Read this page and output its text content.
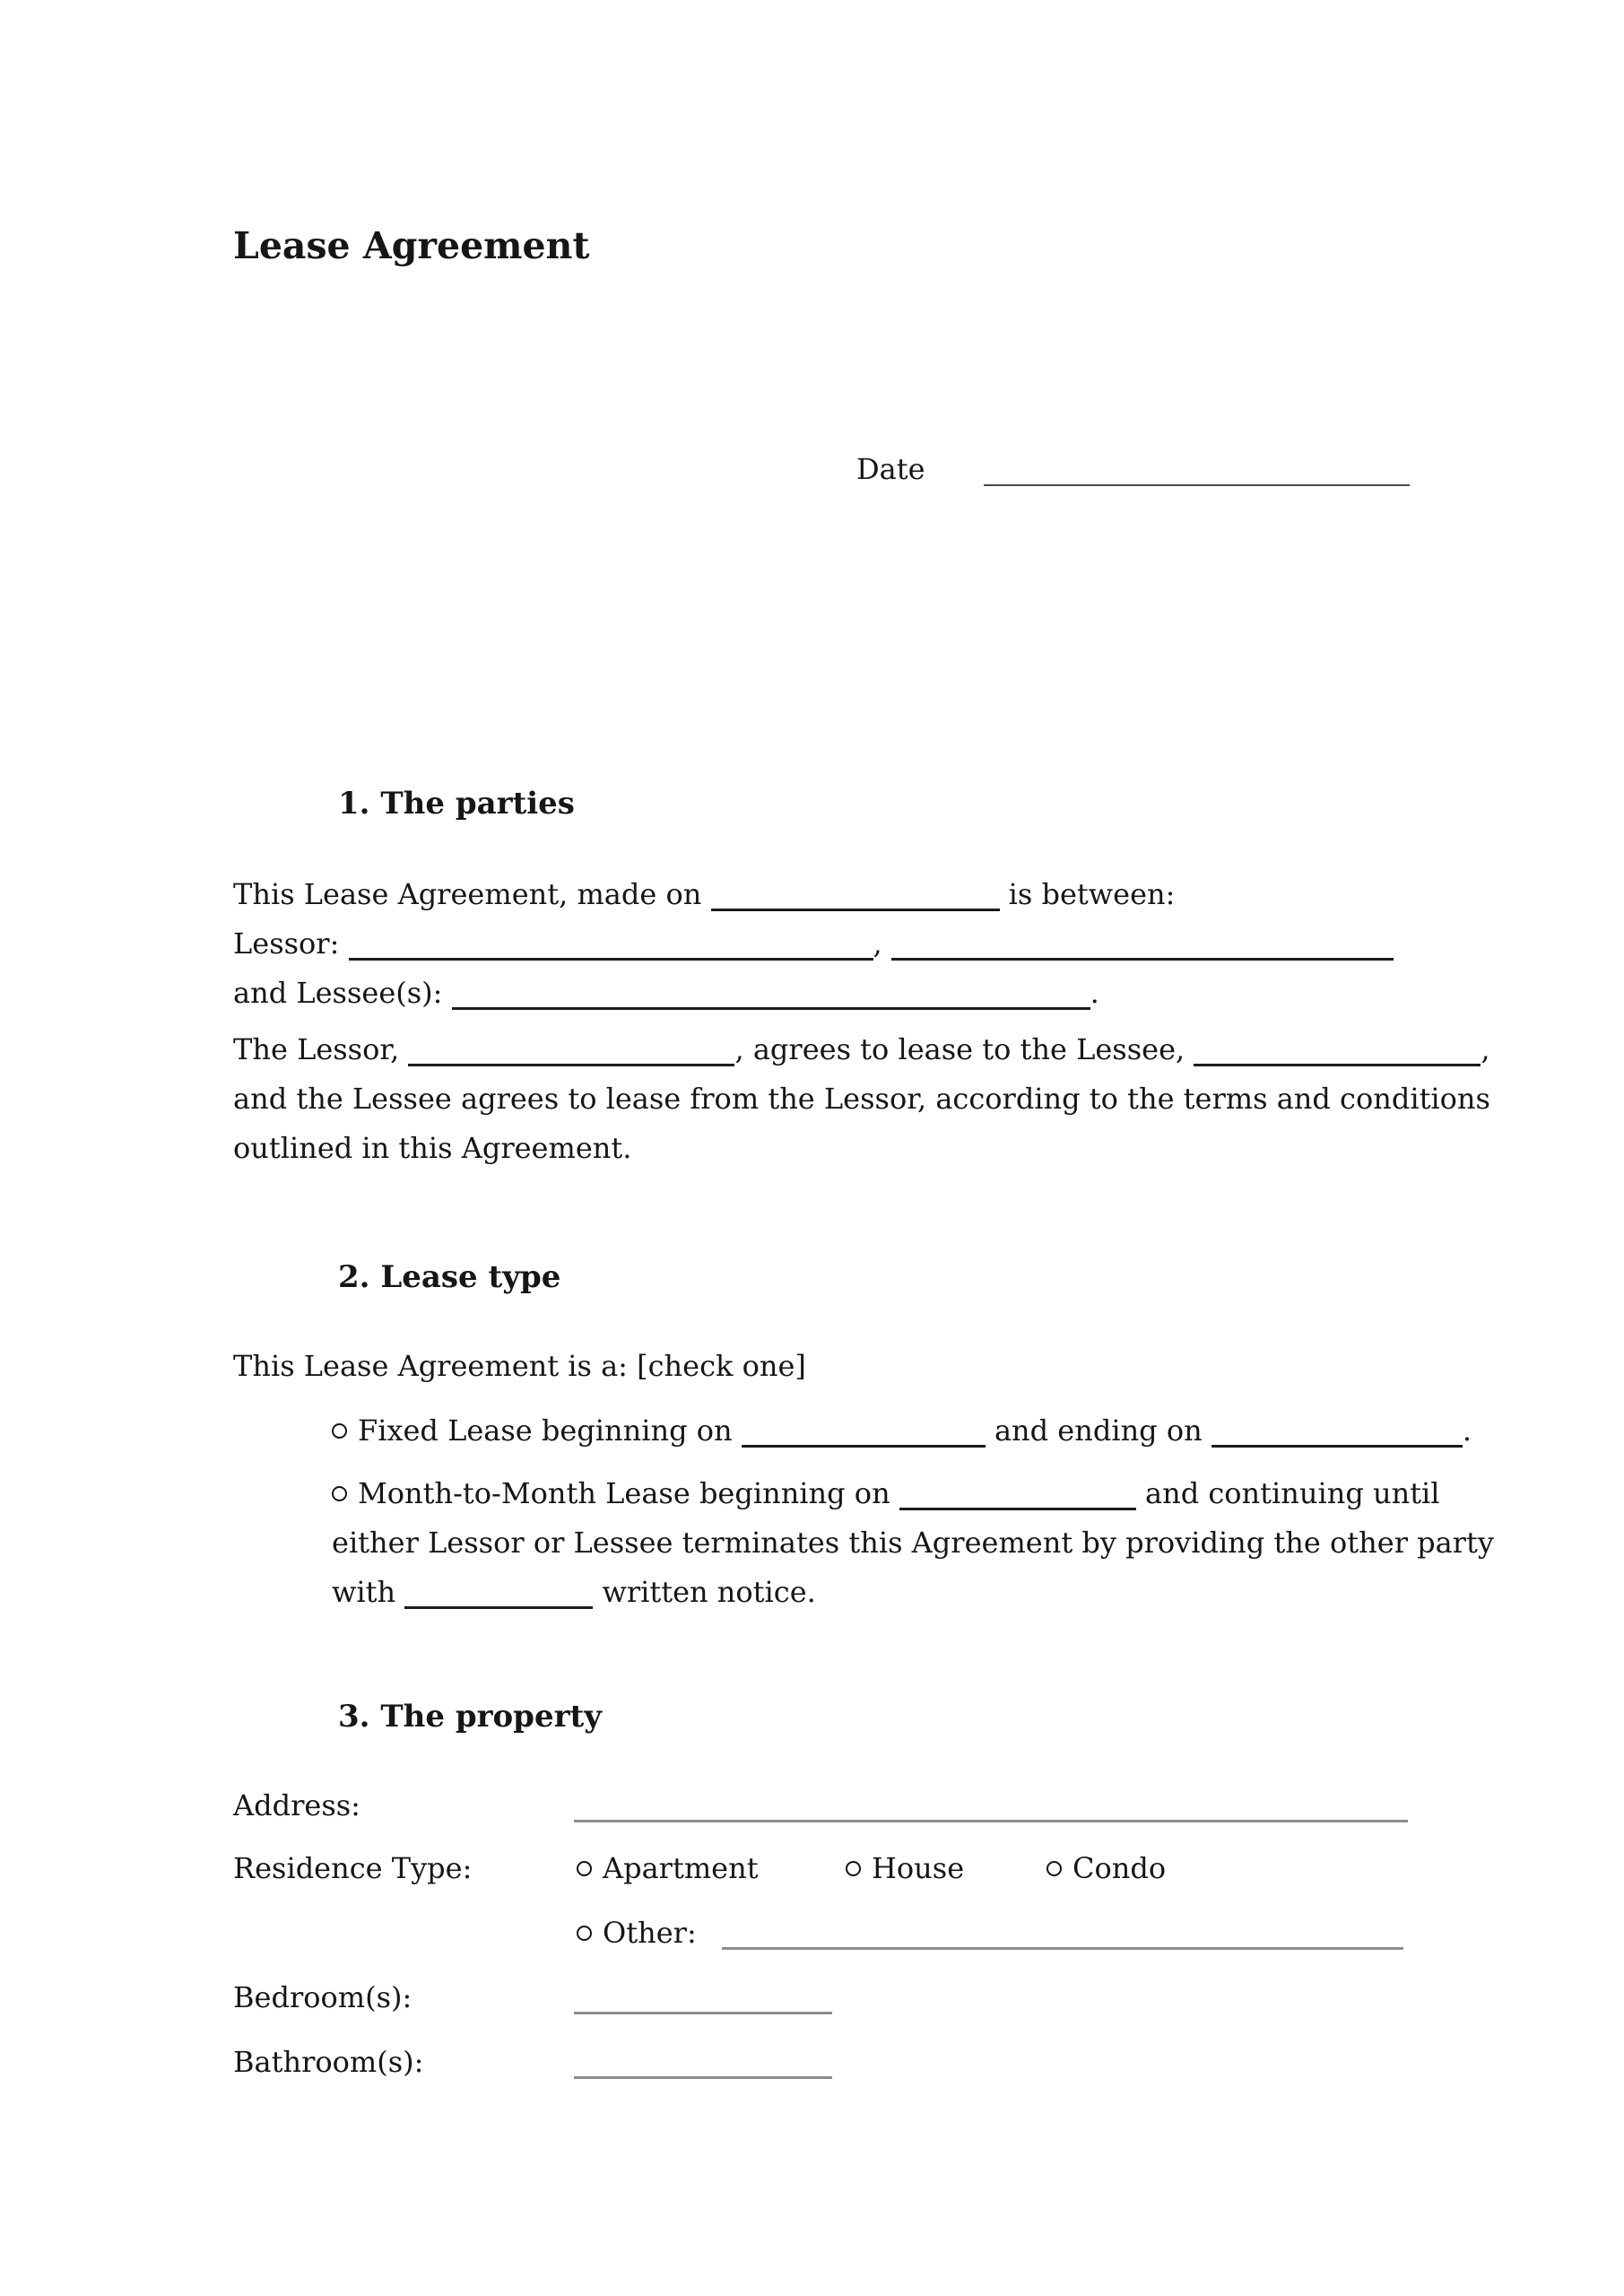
Lease Agreement
Date
1. The parties
This Lease Agreement, made on	is between:
Lessor:	,
and Lessee(s):	.
The Lessor,	, agrees to lease to the Lessee,	,
and the Lessee agrees to lease from the Lessor, according to the terms and conditions
outlined in this Agreement.
2. Lease type
This Lease Agreement is a: [check one]
Fixed Lease beginning on	and ending on	.
Month-to-Month Lease beginning on	and continuing until
either Lessor or Lessee terminates this Agreement by providing the other party
with	written notice.
3. The property
Address:
Residence Type:	Apartment	House	Condo
Other:
Bedroom(s):
Bathroom(s):
